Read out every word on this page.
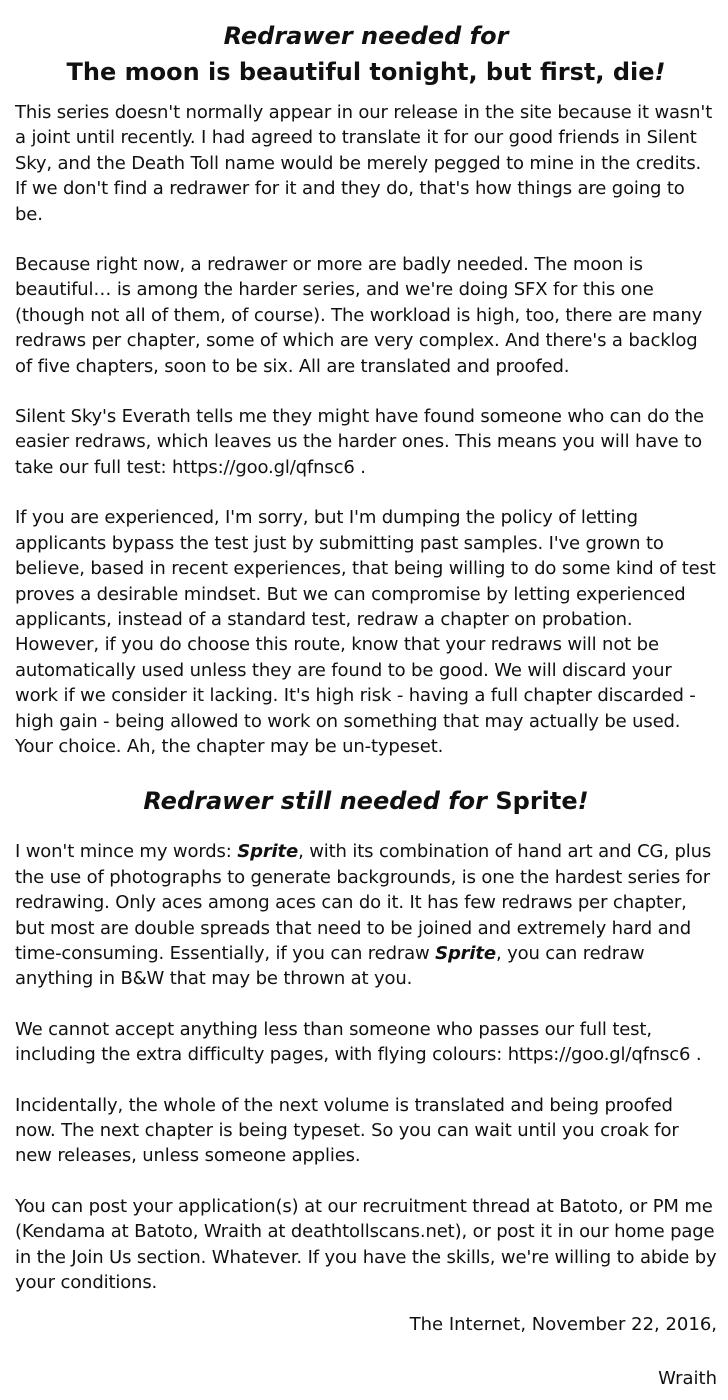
Redrawer needed for
The moon is beautiful tonight, but first, die!

This series doesn't normally appear in our release in the site because it wasn't a joint until recently. I had agreed to translate it for our good friends in Silent Sky, and the Death Toll name would be merely pegged to mine in the credits. If we don't find a redrawer for it and they do, that's how things are going to be.

Because right now, a redrawer or more are badly needed. The moon is beautiful… is among the harder series, and we're doing SFX for this one (though not all of them, of course). The workload is high, too, there are many redraws per chapter, some of which are very complex. And there's a backlog of five chapters, soon to be six. All are translated and proofed.

Silent Sky's Everath tells me they might have found someone who can do the easier redraws, which leaves us the harder ones. This means you will have to take our full test: https://goo.gl/qfnsc6 .

If you are experienced, I'm sorry, but I'm dumping the policy of letting applicants bypass the test just by submitting past samples. I've grown to believe, based in recent experiences, that being willing to do some kind of test proves a desirable mindset. But we can compromise by letting experienced applicants, instead of a standard test, redraw a chapter on probation. However, if you do choose this route, know that your redraws will not be automatically used unless they are found to be good. We will discard your work if we consider it lacking. It's high risk - having a full chapter discarded - high gain - being allowed to work on something that may actually be used. Your choice. Ah, the chapter may be un-typeset.

Redrawer still needed for Sprite!

I won't mince my words: Sprite, with its combination of hand art and CG, plus the use of photographs to generate backgrounds, is one the hardest series for redrawing. Only aces among aces can do it. It has few redraws per chapter, but most are double spreads that need to be joined and extremely hard and time-consuming. Essentially, if you can redraw Sprite, you can redraw anything in B&W that may be thrown at you.

We cannot accept anything less than someone who passes our full test, including the extra difficulty pages, with flying colours: https://goo.gl/qfnsc6 .

Incidentally, the whole of the next volume is translated and being proofed now. The next chapter is being typeset. So you can wait until you croak for new releases, unless someone applies.

You can post your application(s) at our recruitment thread at Batoto, or PM me (Kendama at Batoto, Wraith at deathtollscans.net), or post it in our home page in the Join Us section. Whatever. If you have the skills, we're willing to abide by your conditions.

The Internet, November 22, 2016,

Wraith
